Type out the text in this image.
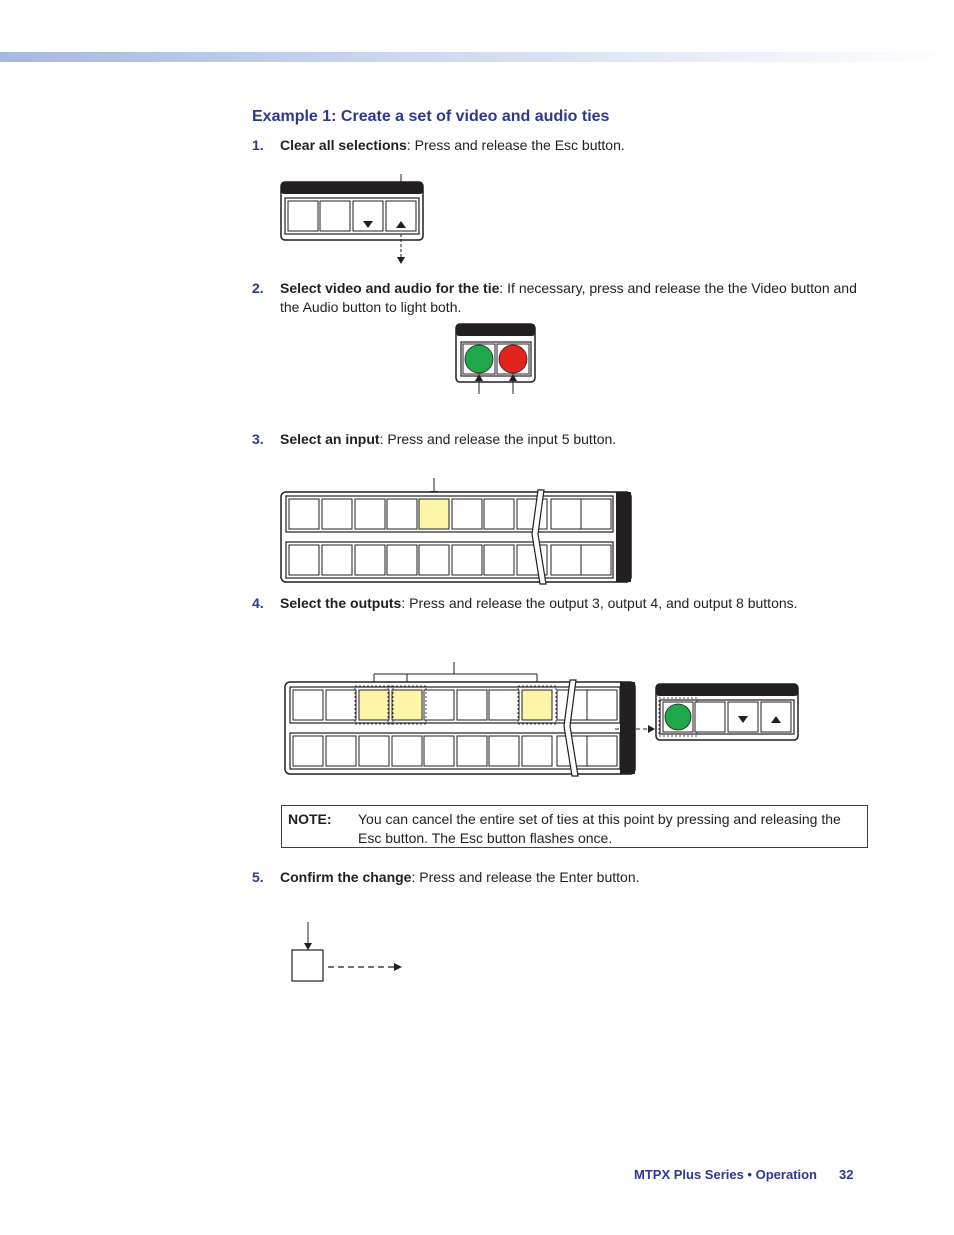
Example 1: Create a set of video and audio ties
1. Clear all selections: Press and release the Esc button.
2. Select video and audio for the tie: If necessary, press and release the the Video button and the Audio button to light both.
3. Select an input: Press and release the input 5 button.
4. Select the outputs: Press and release the output 3, output 4, and output 8 buttons.
NOTE: You can cancel the entire set of ties at this point by pressing and releasing the Esc button. The Esc button flashes once.
5. Confirm the change: Press and release the Enter button.
MTPX Plus Series • Operation 32
